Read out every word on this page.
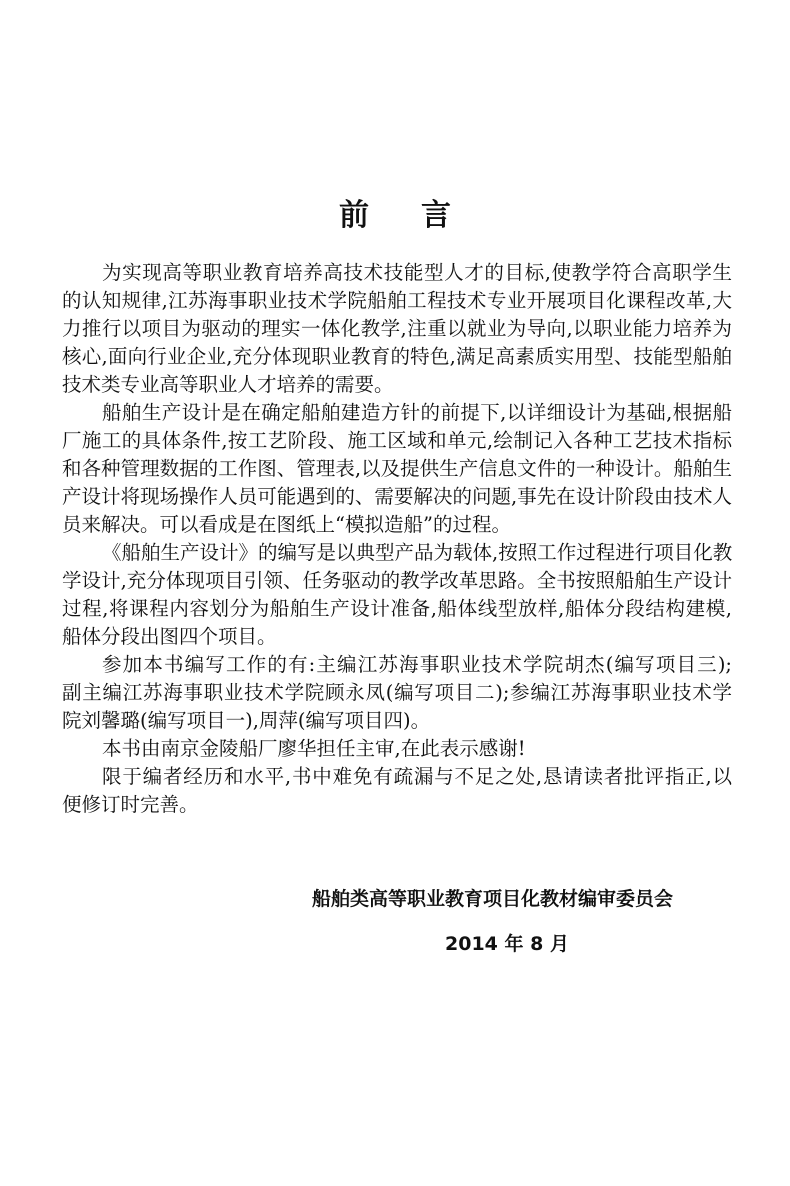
前言
为实现高等职业教育培养高技术技能型人才的目标,使教学符合高职学生
的认知规律,江苏海事职业技术学院船舶工程技术专业开展项目化课程改革,大
力推行以项目为驱动的理实一体化教学,注重以就业为导向,以职业能力培养为
核心,面向行业企业,充分体现职业教育的特色,满足高素质实用型、技能型船舶
技术类专业高等职业人才培养的需要。
船舶生产设计是在确定船舶建造方针的前提下,以详细设计为基础,根据船
厂施工的具体条件,按工艺阶段、施工区域和单元,绘制记入各种工艺技术指标
和各种管理数据的工作图、管理表,以及提供生产信息文件的一种设计。船舶生
产设计将现场操作人员可能遇到的、需要解决的问题,事先在设计阶段由技术人
员来解决。可以看成是在图纸上“模拟造船”的过程。
《船舶生产设计》的编写是以典型产品为载体,按照工作过程进行项目化教
学设计,充分体现项目引领、任务驱动的教学改革思路。全书按照船舶生产设计
过程,将课程内容划分为船舶生产设计准备,船体线型放样,船体分段结构建模,
船体分段出图四个项目。
参加本书编写工作的有:主编江苏海事职业技术学院胡杰(编写项目三);
副主编江苏海事职业技术学院顾永凤(编写项目二);参编江苏海事职业技术学
院刘馨璐(编写项目一),周萍(编写项目四)。
本书由南京金陵船厂廖华担任主审,在此表示感谢!
限于编者经历和水平,书中难免有疏漏与不足之处,恳请读者批评指正,以
便修订时完善。
船舶类高等职业教育项目化教材编审委员会
2014 年 8 月
